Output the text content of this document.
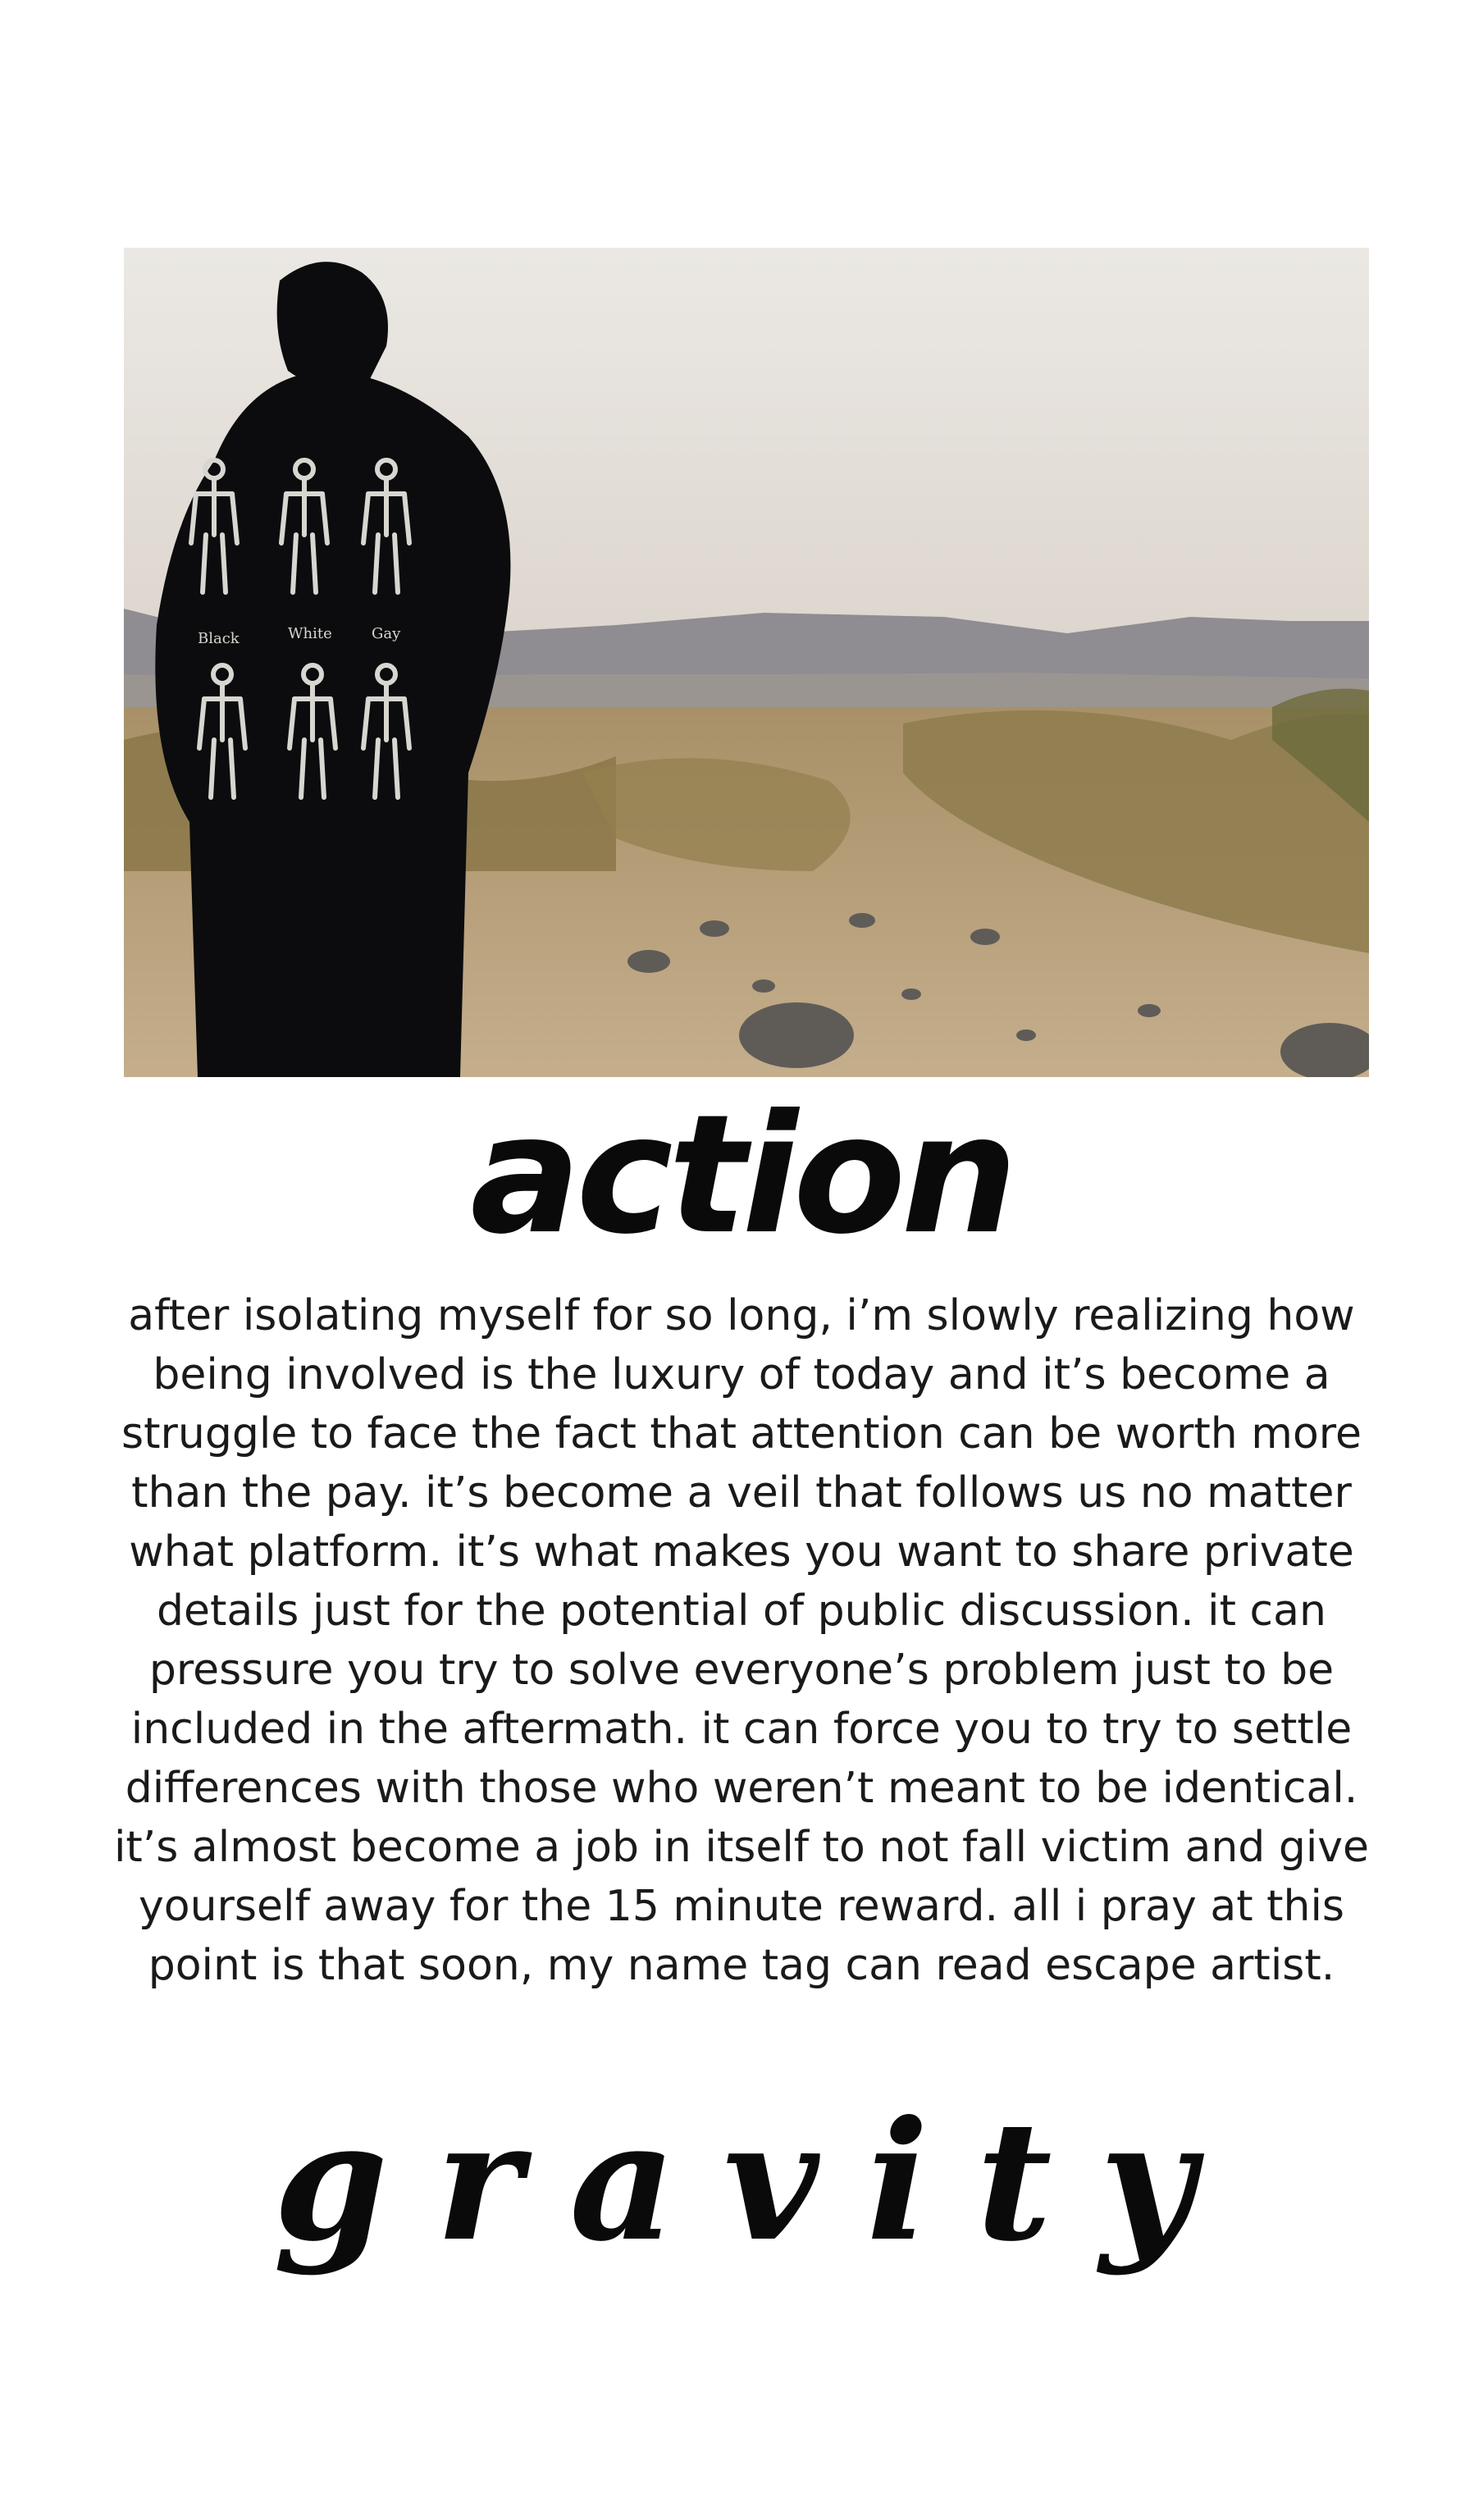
Black	White	Gay
action

after isolating myself for so long, i’m slowly realizing how
being involved is the luxury of today and it’s become a
struggle to face the fact that attention can be worth more
than the pay. it’s become a veil that follows us no matter
what platform. it’s what makes you want to share private
details just for the potential of public discussion. it can
pressure you try to solve everyone’s problem just to be
included in the aftermath. it can force you to try to settle
differences with those who weren’t meant to be identical.
it’s almost become a job in itself to not fall victim and give
yourself away for the 15 minute reward. all i pray at this
point is that soon, my name tag can read escape artist.

gravity
